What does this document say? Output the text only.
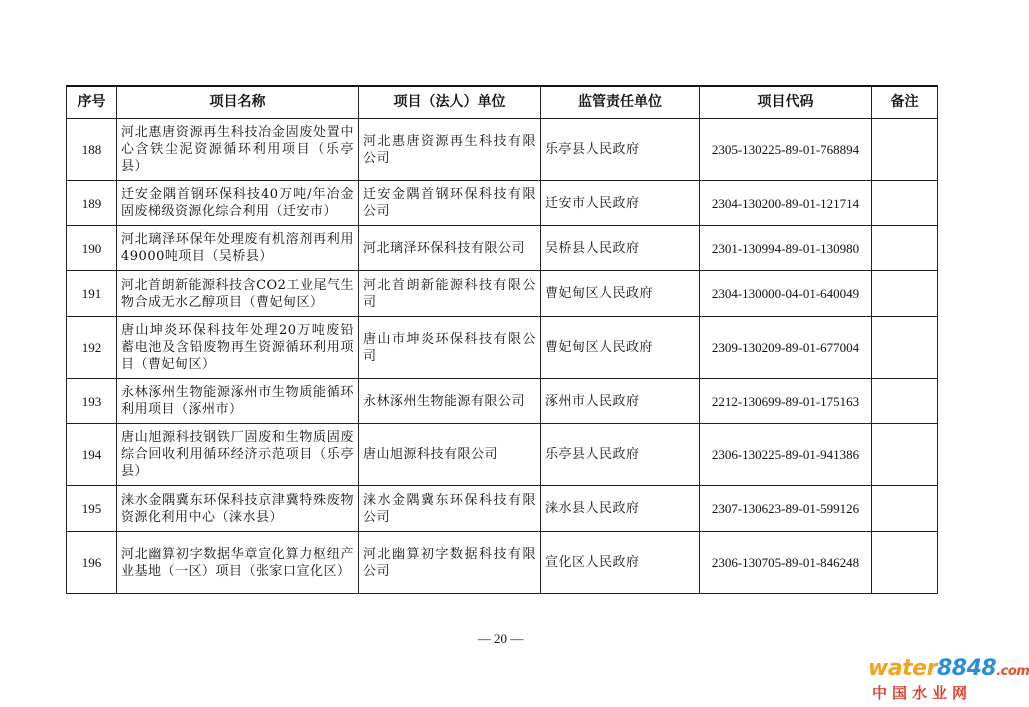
序号	项目名称	项目（法人）单位	监管责任单位	项目代码	备注
188	河北惠唐资源再生科技冶金固废处置中心含铁尘泥资源循环利用项目（乐亭县）	河北惠唐资源再生科技有限公司	乐亭县人民政府	2305-130225-89-01-768894	
189	迁安金隅首钢环保科技40万吨/年冶金固废梯级资源化综合利用（迁安市）	迁安金隅首钢环保科技有限公司	迁安市人民政府	2304-130200-89-01-121714	
190	河北璃泽环保年处理废有机溶剂再利用49000吨项目（吴桥县）	河北璃泽环保科技有限公司	吴桥县人民政府	2301-130994-89-01-130980	
191	河北首朗新能源科技含CO2工业尾气生物合成无水乙醇项目（曹妃甸区）	河北首朗新能源科技有限公司	曹妃甸区人民政府	2304-130000-04-01-640049	
192	唐山坤炎环保科技年处理20万吨废铅蓄电池及含铅废物再生资源循环利用项目（曹妃甸区）	唐山市坤炎环保科技有限公司	曹妃甸区人民政府	2309-130209-89-01-677004	
193	永林涿州生物能源涿州市生物质能循环利用项目（涿州市）	永林涿州生物能源有限公司	涿州市人民政府	2212-130699-89-01-175163	
194	唐山旭源科技钢铁厂固废和生物质固废综合回收利用循环经济示范项目（乐亭县）	唐山旭源科技有限公司	乐亭县人民政府	2306-130225-89-01-941386	
195	涞水金隅冀东环保科技京津冀特殊废物资源化利用中心（涞水县）	涞水金隅冀东环保科技有限公司	涞水县人民政府	2307-130623-89-01-599126	
196	河北幽算初字数据华章宣化算力枢纽产业基地（一区）项目（张家口宣化区）	河北幽算初字数据科技有限公司	宣化区人民政府	2306-130705-89-01-846248	
— 20 —
water8848.com
中国水业网
